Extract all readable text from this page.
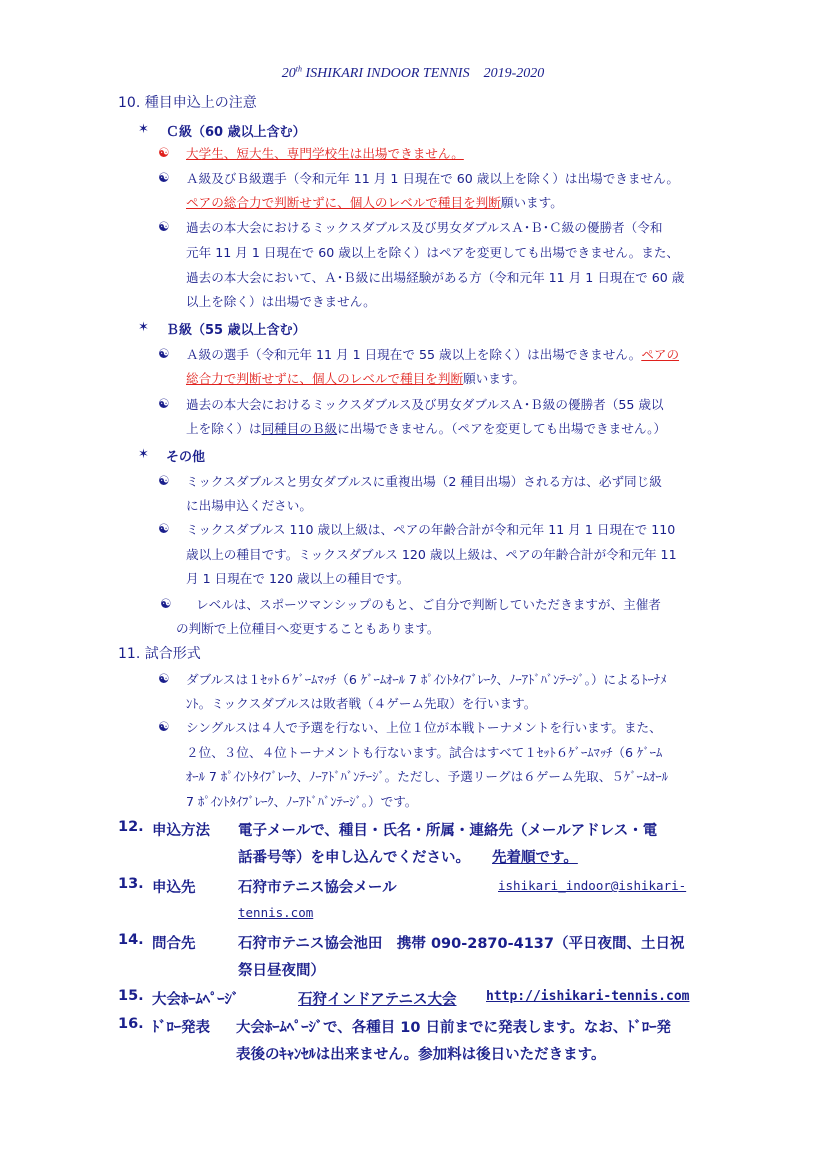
20th ISHIKARI INDOOR TENNIS　2019-2020
10. 種目申込上の注意
✶ Ｃ級（60 歳以上含む）
☯ 大学生、短大生、専門学校生は出場できません。
☯ Ａ級及びＢ級選手（令和元年 11 月 1 日現在で 60 歳以上を除く）は出場できません。
ペアの総合力で判断せずに、個人のレベルで種目を判断願います。
☯ 過去の本大会におけるミックスダブルス及び男女ダブルスＡ･Ｂ･Ｃ級の優勝者（令和
元年 11 月 1 日現在で 60 歳以上を除く）はペアを変更しても出場できません。また、
過去の本大会において、Ａ･Ｂ級に出場経験がある方（令和元年 11 月 1 日現在で 60 歳
以上を除く）は出場できません。
✶ Ｂ級（55 歳以上含む）
☯ Ａ級の選手（令和元年 11 月 1 日現在で 55 歳以上を除く）は出場できません。ペアの
総合力で判断せずに、個人のレベルで種目を判断願います。
☯ 過去の本大会におけるミックスダブルス及び男女ダブルスＡ･Ｂ級の優勝者（55 歳以
上を除く）は同種目のＢ級に出場できません。（ペアを変更しても出場できません。）
✶ その他
☯ ミックスダブルスと男女ダブルスに重複出場（2 種目出場）される方は、必ず同じ級
に出場申込ください。
☯ ミックスダブルス 110 歳以上級は、ペアの年齢合計が令和元年 11 月 1 日現在で 110
歳以上の種目です。ミックスダブルス 120 歳以上級は、ペアの年齢合計が令和元年 11
月 1 日現在で 120 歳以上の種目です。
☯ レベルは、スポーツマンシップのもと、ご自分で判断していただきますが、主催者
の判断で上位種目へ変更することもあります。
11. 試合形式
☯ ダブルスは１ｾｯﾄ６ｹﾞｰﾑﾏｯﾁ（6 ｹﾞｰﾑｵｰﾙ 7 ﾎﾟｲﾝﾄﾀｲﾌﾞﾚｰｸ、ﾉｰｱﾄﾞﾊﾞﾝﾃｰｼﾞ。）によるﾄｰﾅﾒ
ﾝﾄ。ミックスダブルスは敗者戦（４ゲーム先取）を行います。
☯ シングルスは４人で予選を行ない、上位１位が本戦トーナメントを行います。また、
２位、３位、４位トーナメントも行ないます。試合はすべて１ｾｯﾄ６ｹﾞｰﾑﾏｯﾁ（6 ｹﾞｰﾑ
ｵｰﾙ 7 ﾎﾟｲﾝﾄﾀｲﾌﾞﾚｰｸ、ﾉｰｱﾄﾞﾊﾞﾝﾃｰｼﾞ。ただし、予選リーグは６ゲーム先取、５ｹﾞｰﾑｵｰﾙ
7 ﾎﾟｲﾝﾄﾀｲﾌﾞﾚｰｸ、ﾉｰｱﾄﾞﾊﾞﾝﾃｰｼﾞ。）です。
12. 申込方法 電子メールで、種目・氏名・所属・連絡先（メールアドレス・電
話番号等）を申し込んでください。 先着順です。
13. 申込先	石狩市テニス協会メール	ishikari_indoor@ishikari-
tennis.com
14. 問合先	石狩市テニス協会池田　携帯 090-2870-4137（平日夜間、土日祝
祭日昼夜間）
15. 大会ﾎｰﾑﾍﾟｰｼﾞ	石狩インドアテニス大会 http://ishikari-tennis.com
16. ﾄﾞﾛｰ発表 大会ﾎｰﾑﾍﾟｰｼﾞで、各種目 10 日前までに発表します。なお、ﾄﾞﾛｰ発
表後のｷｬﾝｾﾙは出来ません。参加料は後日いただきます。
